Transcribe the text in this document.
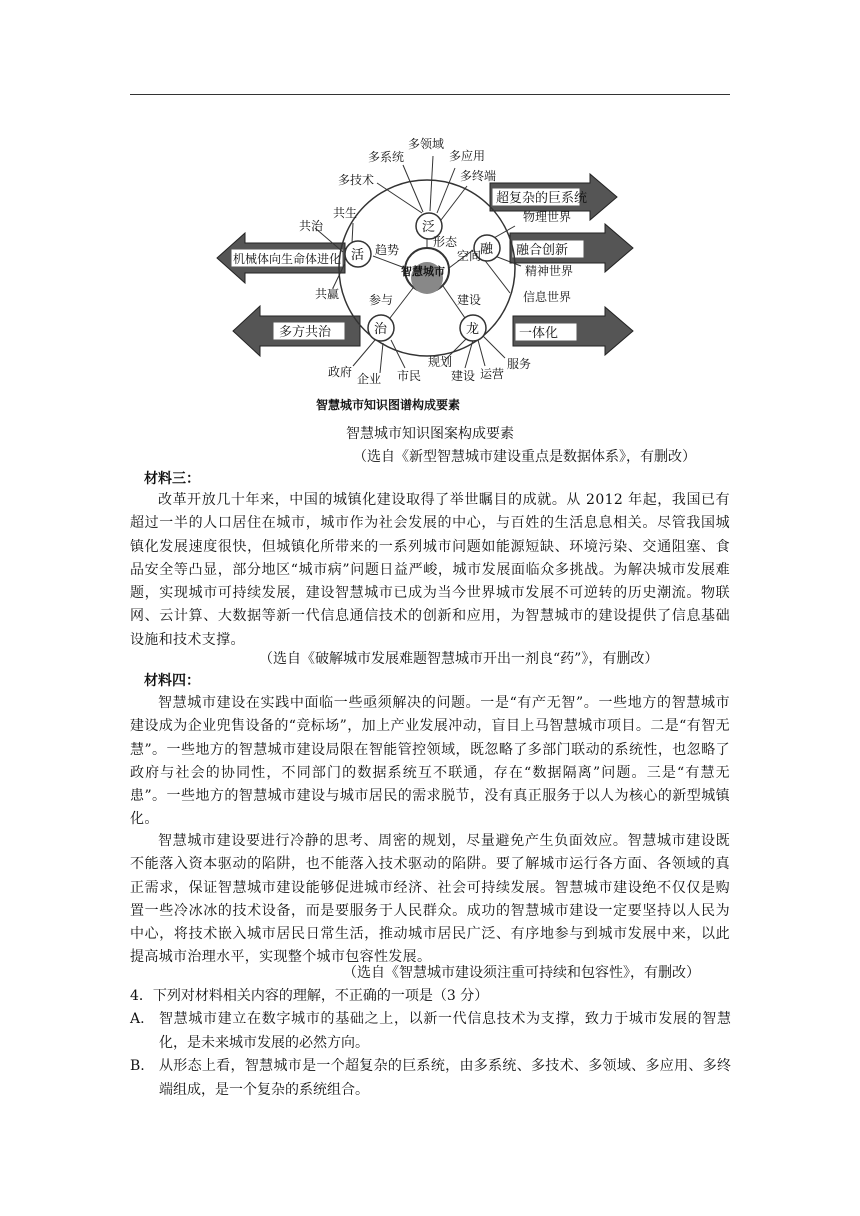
超复杂的巨系统
融合创新
一体化
机械体向生命体进化
多方共治
智慧城市
泛
融
龙
治
活
形态
空间
建设
参与
趋势
多技术
多系统
多领域
多应用
多终端
物理世界
精神世界
信息世界
规划
建设 运营
服务
政府 企业 市民
共生
共治
共赢
智慧城市知识图谱构成要素
智慧城市知识图案构成要素
（选自《新型智慧城市建设重点是数据体系》，有删改）
材料三：
改革开放几十年来，中国的城镇化建设取得了举世瞩目的成就。从 2012 年起，我国已有超过一半的人口居住在城市，城市作为社会发展的中心，与百姓的生活息息相关。尽管我国城镇化发展速度很快，但城镇化所带来的一系列城市问题如能源短缺、环境污染、交通阻塞、食品安全等凸显，部分地区“城市病”问题日益严峻，城市发展面临众多挑战。为解决城市发展难题，实现城市可持续发展，建设智慧城市已成为当今世界城市发展不可逆转的历史潮流。物联网、云计算、大数据等新一代信息通信技术的创新和应用，为智慧城市的建设提供了信息基础设施和技术支撑。
（选自《破解城市发展难题智慧城市开出一剂良“药”》，有删改）
材料四：
智慧城市建设在实践中面临一些亟须解决的问题。一是“有产无智”。一些地方的智慧城市建设成为企业兜售设备的“竞标场”，加上产业发展冲动，盲目上马智慧城市项目。二是“有智无慧”。一些地方的智慧城市建设局限在智能管控领域，既忽略了多部门联动的系统性，也忽略了政府与社会的协同性，不同部门的数据系统互不联通，存在“数据隔离”问题。三是“有慧无患”。一些地方的智慧城市建设与城市居民的需求脱节，没有真正服务于以人为核心的新型城镇化。
智慧城市建设要进行冷静的思考、周密的规划，尽量避免产生负面效应。智慧城市建设既不能落入资本驱动的陷阱，也不能落入技术驱动的陷阱。要了解城市运行各方面、各领域的真正需求，保证智慧城市建设能够促进城市经济、社会可持续发展。智慧城市建设绝不仅仅是购置一些冷冰冰的技术设备，而是要服务于人民群众。成功的智慧城市建设一定要坚持以人民为中心，将技术嵌入城市居民日常生活，推动城市居民广泛、有序地参与到城市发展中来，以此提高城市治理水平，实现整个城市包容性发展。
（选自《智慧城市建设须注重可持续和包容性》，有删改）
4．下列对材料相关内容的理解，不正确的一项是（3 分）
A. 智慧城市建立在数字城市的基础之上，以新一代信息技术为支撑，致力于城市发展的智慧化，是未来城市发展的必然方向。
B. 从形态上看，智慧城市是一个超复杂的巨系统，由多系统、多技术、多领域、多应用、多终端组成，是一个复杂的系统组合。
